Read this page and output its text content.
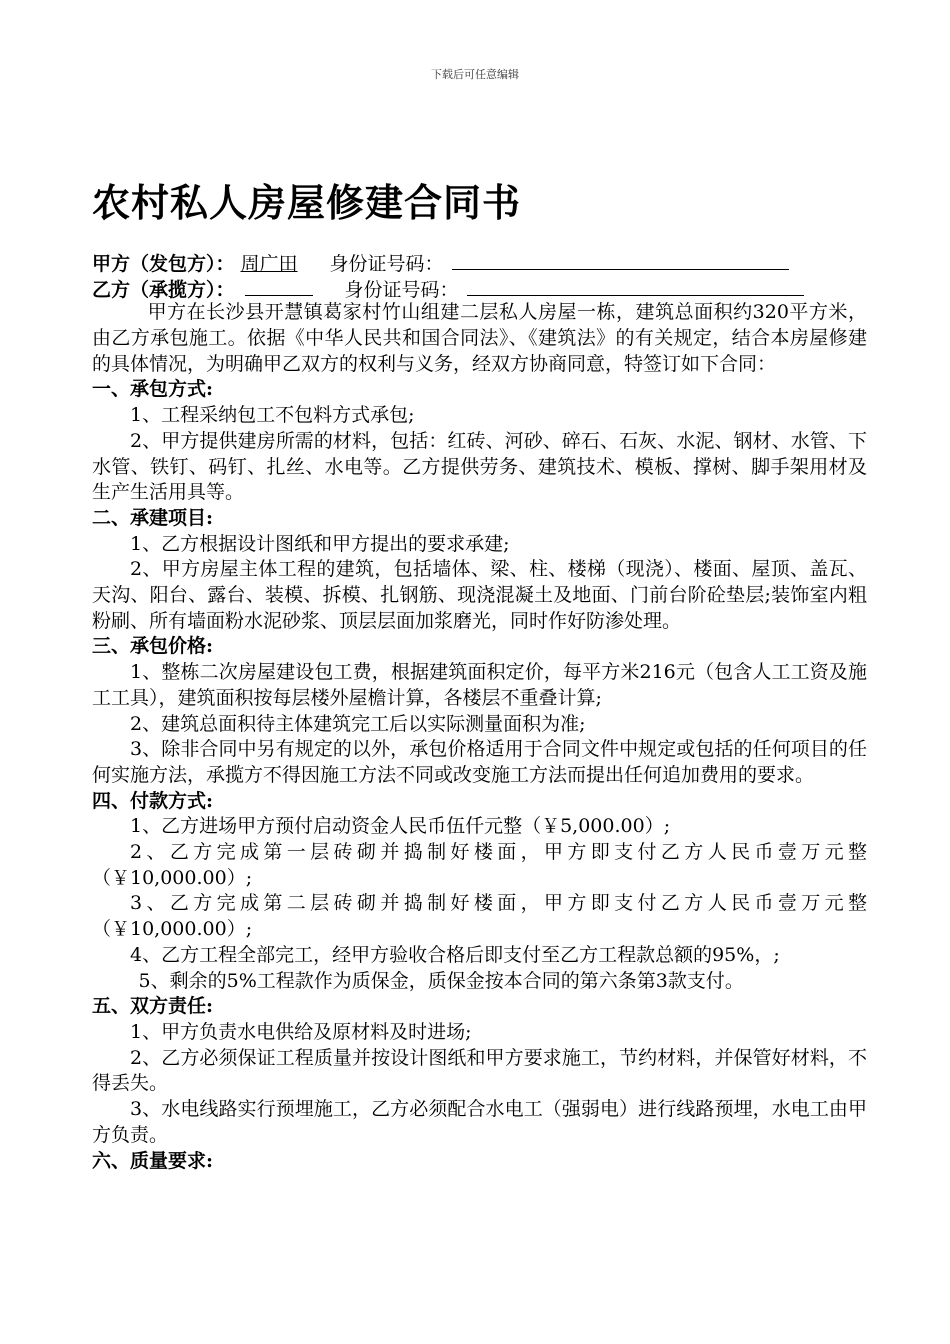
下载后可任意编辑
农村私人房屋修建合同书
甲方（发包方）： 周广田 身份证号码：
乙方（承揽方）：	身份证号码：

甲方在长沙县开慧镇葛家村竹山组建二层私人房屋一栋，建筑总面积约320平方米，由乙方承包施工。依据《中华人民共和国合同法》、《建筑法》的有关规定，结合本房屋修建的具体情况，为明确甲乙双方的权利与义务，经双方协商同意，特签订如下合同：

一、承包方式:

1、工程采纳包工不包料方式承包;

2、甲方提供建房所需的材料，包括：红砖、河砂、碎石、石灰、水泥、钢材、水管、下水管、铁钉、码钉、扎丝、水电等。乙方提供劳务、建筑技术、模板、撑树、脚手架用材及生产生活用具等。

二、承建项目:

1、乙方根据设计图纸和甲方提出的要求承建;

2、甲方房屋主体工程的建筑，包括墙体、梁、柱、楼梯（现浇）、楼面、屋顶、盖瓦、天沟、阳台、露台、装模、拆模、扎钢筋、现浇混凝土及地面、门前台阶砼垫层;装饰室内粗粉刷、所有墙面粉水泥砂浆、顶层层面加浆磨光，同时作好防渗处理。

三、承包价格:

1、整栋二次房屋建设包工费，根据建筑面积定价，每平方米216元（包含人工工资及施工工具），建筑面积按每层楼外屋檐计算，各楼层不重叠计算;

2、建筑总面积待主体建筑完工后以实际测量面积为准;

3、除非合同中另有规定的以外，承包价格适用于合同文件中规定或包括的任何项目的任何实施方法，承揽方不得因施工方法不同或改变施工方法而提出任何追加费用的要求。

四、付款方式:

1、乙方进场甲方预付启动资金人民币伍仟元整（￥5,000.00）;

2、乙方完成第一层砖砌并捣制好楼面，甲方即支付乙方人民币壹万元整（￥10,000.00）;

3、乙方完成第二层砖砌并捣制好楼面，甲方即支付乙方人民币壹万元整（￥10,000.00）;

4、乙方工程全部完工，经甲方验收合格后即支付至乙方工程款总额的95%，;

5、剩余的5%工程款作为质保金，质保金按本合同的第六条第3款支付。

五、双方责任:

1、甲方负责水电供给及原材料及时进场;

2、乙方必须保证工程质量并按设计图纸和甲方要求施工，节约材料，并保管好材料，不得丢失。

3、水电线路实行预埋施工，乙方必须配合水电工（强弱电）进行线路预埋，水电工由甲方负责。

六、质量要求:
